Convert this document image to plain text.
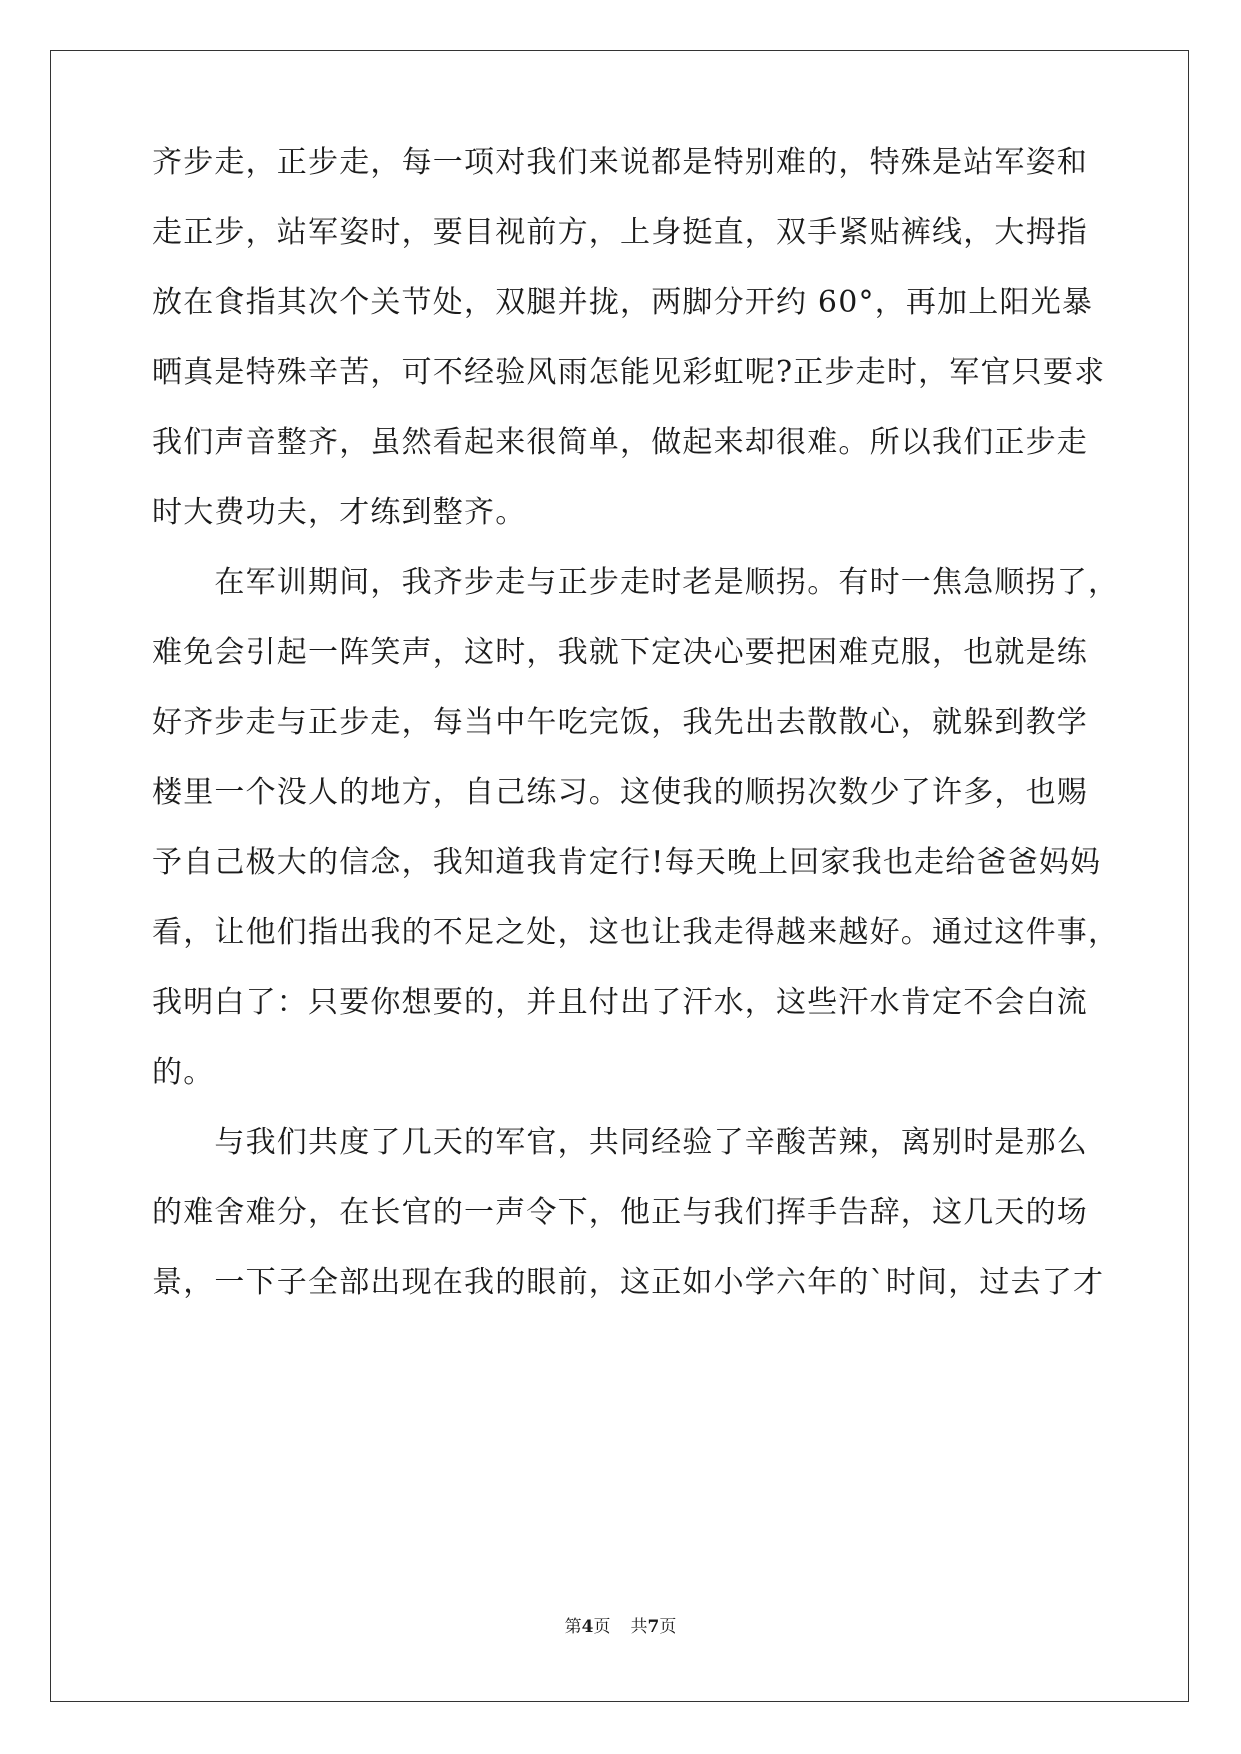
齐步走，正步走，每一项对我们来说都是特别难的，特殊是站军姿和
走正步，站军姿时，要目视前方，上身挺直，双手紧贴裤线，大拇指
放在食指其次个关节处，双腿并拢，两脚分开约 60°，再加上阳光暴
晒真是特殊辛苦，可不经验风雨怎能见彩虹呢?正步走时，军官只要求
我们声音整齐，虽然看起来很简单，做起来却很难。所以我们正步走
时大费功夫，才练到整齐。
　　在军训期间，我齐步走与正步走时老是顺拐。有时一焦急顺拐了，
难免会引起一阵笑声，这时，我就下定决心要把困难克服，也就是练
好齐步走与正步走，每当中午吃完饭，我先出去散散心，就躲到教学
楼里一个没人的地方，自己练习。这使我的顺拐次数少了许多，也赐
予自己极大的信念，我知道我肯定行!每天晚上回家我也走给爸爸妈妈
看，让他们指出我的不足之处，这也让我走得越来越好。通过这件事，
我明白了：只要你想要的，并且付出了汗水，这些汗水肯定不会白流
的。
　　与我们共度了几天的军官，共同经验了辛酸苦辣，离别时是那么
的难舍难分，在长官的一声令下，他正与我们挥手告辞，这几天的场
景，一下子全部出现在我的眼前，这正如小学六年的`时间，过去了才
第4页 共7页
